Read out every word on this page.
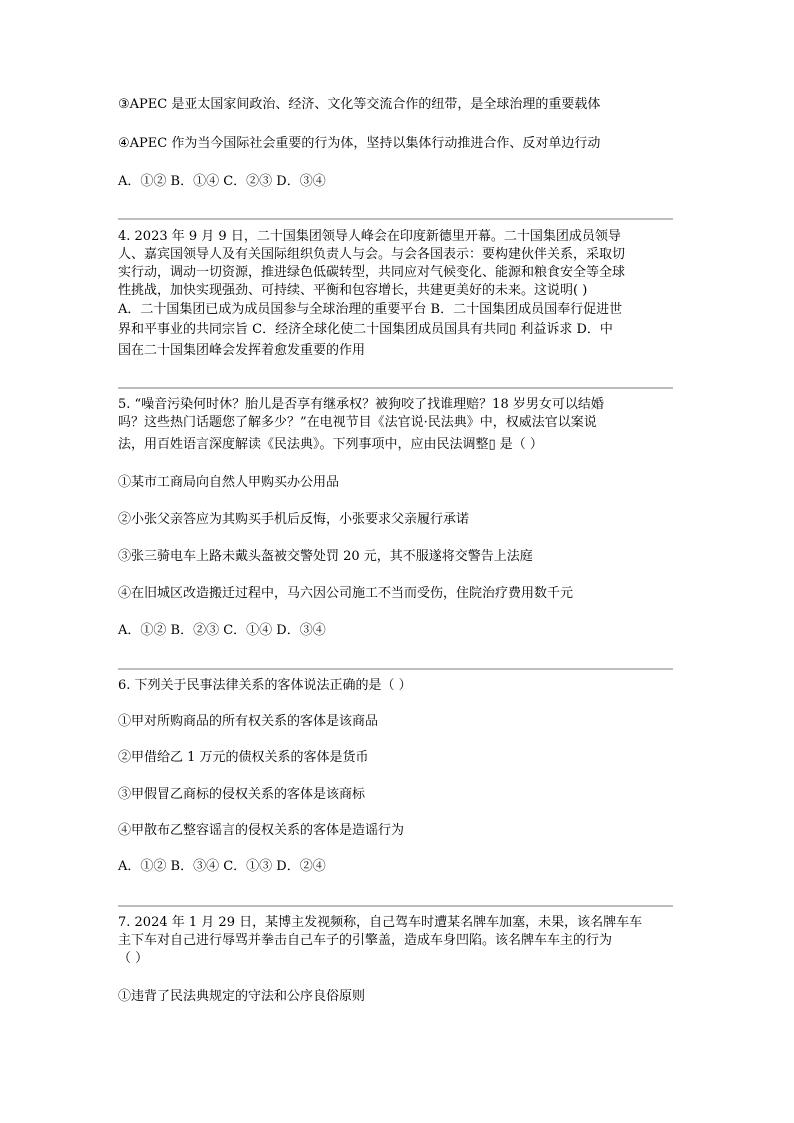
③APEC 是亚太国家间政治、经济、文化等交流合作的纽带，是全球治理的重要载体
④APEC 作为当今国际社会重要的行为体，坚持以集体行动推进合作、反对单边行动
A．①② B．①④ C．②③ D．③④
4. 2023 年 9 月 9 日，二十国集团领导人峰会在印度新德里开幕。二十国集团成员领导
人、嘉宾国领导人及有关国际组织负责人与会。与会各国表示：要构建伙伴关系，采取切
实行动，调动一切资源，推进绿色低碳转型，共同应对气候变化、能源和粮食安全等全球
性挑战，加快实现强劲、可持续、平衡和包容增长，共建更美好的未来。这说明( )
A．二十国集团已成为成员国参与全球治理的重要平台 B．二十国集团成员国奉行促进世
界和平事业的共同宗旨 C．经济全球化使二十国集团成员国具有共同▯ 利益诉求 D．中
国在二十国集团峰会发挥着愈发重要的作用
5. “噪音污染何时休？胎儿是否享有继承权？被狗咬了找谁理赔？18 岁男女可以结婚
吗？这些热门话题您了解多少？”在电视节目《法官说·民法典》中，权威法官以案说
法，用百姓语言深度解读《民法典》。下列事项中，应由民法调整▯ 是（ ）
①某市工商局向自然人甲购买办公用品
②小张父亲答应为其购买手机后反悔，小张要求父亲履行承诺
③张三骑电车上路未戴头盔被交警处罚 20 元，其不服遂将交警告上法庭
④在旧城区改造搬迁过程中，马六因公司施工不当而受伤，住院治疗费用数千元
A．①② B．②③ C．①④ D．③④
6. 下列关于民事法律关系的客体说法正确的是（ ）
①甲对所购商品的所有权关系的客体是该商品
②甲借给乙 1 万元的债权关系的客体是货币
③甲假冒乙商标的侵权关系的客体是该商标
④甲散布乙整容谣言的侵权关系的客体是造谣行为
A．①② B．③④ C．①③ D．②④
7. 2024 年 1 月 29 日，某博主发视频称，自己驾车时遭某名牌车加塞，未果，该名牌车车
主下车对自己进行辱骂并拳击自己车子的引擎盖，造成车身凹陷。该名牌车车主的行为
（ ）
①违背了民法典规定的守法和公序良俗原则
